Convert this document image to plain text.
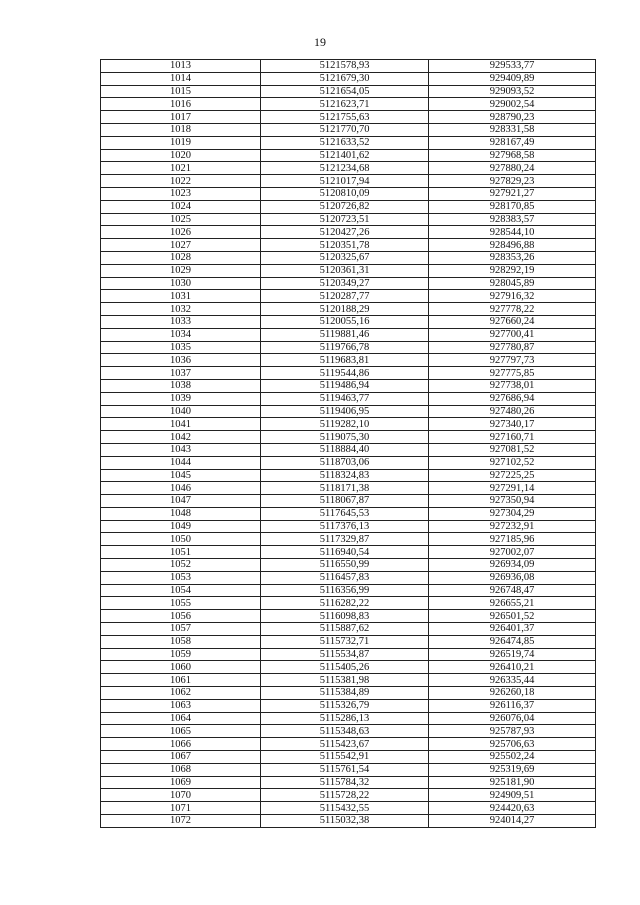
19
1013	5121578,93	929533,77
1014	5121679,30	929409,89
1015	5121654,05	929093,52
1016	5121623,71	929002,54
1017	5121755,63	928790,23
1018	5121770,70	928331,58
1019	5121633,52	928167,49
1020	5121401,62	927968,58
1021	5121234,68	927880,24
1022	5121017,94	927829,23
1023	5120810,09	927921,27
1024	5120726,82	928170,85
1025	5120723,51	928383,57
1026	5120427,26	928544,10
1027	5120351,78	928496,88
1028	5120325,67	928353,26
1029	5120361,31	928292,19
1030	5120349,27	928045,89
1031	5120287,77	927916,32
1032	5120188,29	927778,22
1033	5120055,16	927660,24
1034	5119881,46	927700,41
1035	5119766,78	927780,87
1036	5119683,81	927797,73
1037	5119544,86	927775,85
1038	5119486,94	927738,01
1039	5119463,77	927686,94
1040	5119406,95	927480,26
1041	5119282,10	927340,17
1042	5119075,30	927160,71
1043	5118884,40	927081,52
1044	5118703,06	927102,52
1045	5118324,83	927225,25
1046	5118171,38	927291,14
1047	5118067,87	927350,94
1048	5117645,53	927304,29
1049	5117376,13	927232,91
1050	5117329,87	927185,96
1051	5116940,54	927002,07
1052	5116550,99	926934,09
1053	5116457,83	926936,08
1054	5116356,99	926748,47
1055	5116282,22	926655,21
1056	5116098,83	926501,52
1057	5115887,62	926401,37
1058	5115732,71	926474,85
1059	5115534,87	926519,74
1060	5115405,26	926410,21
1061	5115381,98	926335,44
1062	5115384,89	926260,18
1063	5115326,79	926116,37
1064	5115286,13	926076,04
1065	5115348,63	925787,93
1066	5115423,67	925706,63
1067	5115542,91	925502,24
1068	5115761,54	925319,69
1069	5115784,32	925181,90
1070	5115728,22	924909,51
1071	5115432,55	924420,63
1072	5115032,38	924014,27
